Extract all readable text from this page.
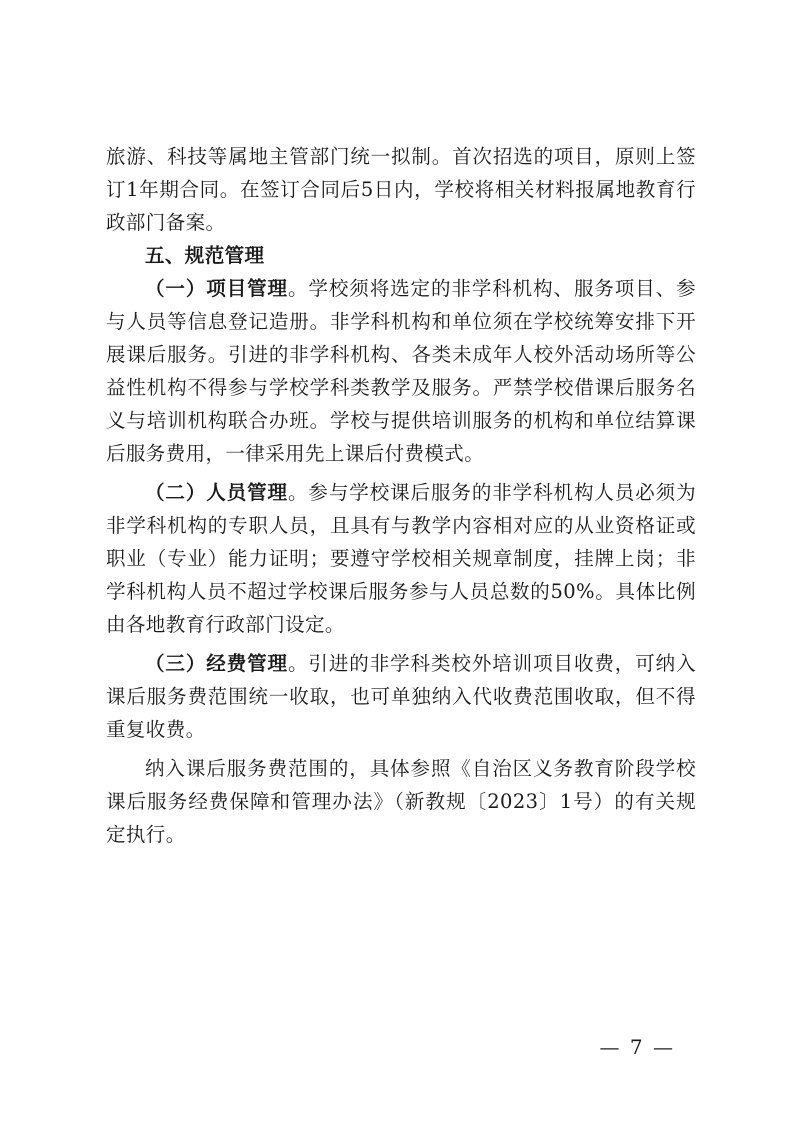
旅游、科技等属地主管部门统一拟制。首次招选的项目，原则上签订1年期合同。在签订合同后5日内，学校将相关材料报属地教育行政部门备案。

五、规范管理

（一）项目管理。学校须将选定的非学科机构、服务项目、参与人员等信息登记造册。非学科机构和单位须在学校统筹安排下开展课后服务。引进的非学科机构、各类未成年人校外活动场所等公益性机构不得参与学校学科类教学及服务。严禁学校借课后服务名义与培训机构联合办班。学校与提供培训服务的机构和单位结算课后服务费用，一律采用先上课后付费模式。

（二）人员管理。参与学校课后服务的非学科机构人员必须为非学科机构的专职人员，且具有与教学内容相对应的从业资格证或职业（专业）能力证明；要遵守学校相关规章制度，挂牌上岗；非学科机构人员不超过学校课后服务参与人员总数的50%。具体比例由各地教育行政部门设定。

（三）经费管理。引进的非学科类校外培训项目收费，可纳入课后服务费范围统一收取，也可单独纳入代收费范围收取，但不得重复收费。

纳入课后服务费范围的，具体参照《自治区义务教育阶段学校课后服务经费保障和管理办法》（新教规〔2023〕1号）的有关规定执行。

— 7 —
